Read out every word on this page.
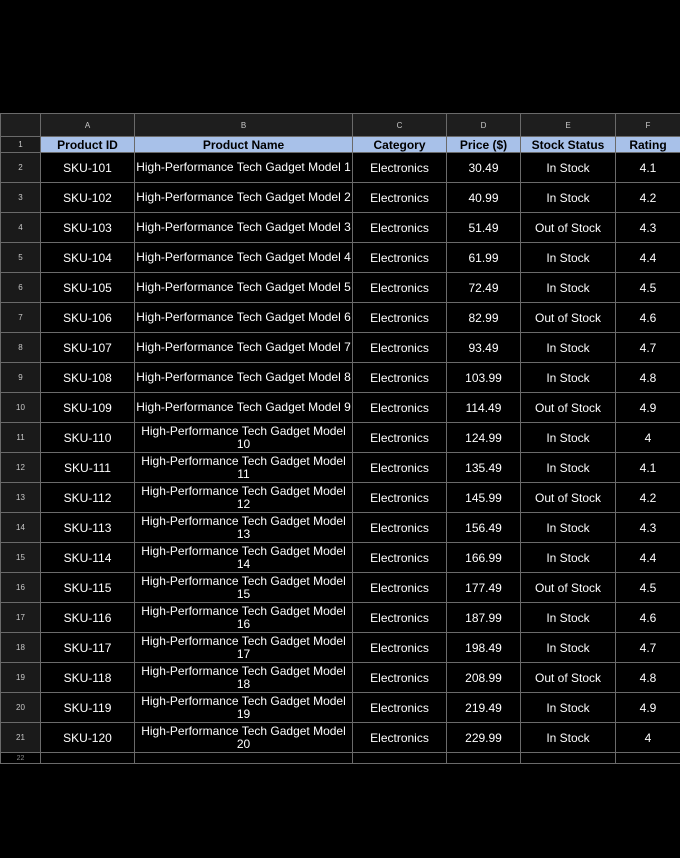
	A	B	C	D	E	F
1	Product ID	Product Name	Category	Price ($)	Stock Status	Rating
2	SKU-101	High-Performance Tech Gadget Model 1	Electronics	30.49	In Stock	4.1
3	SKU-102	High-Performance Tech Gadget Model 2	Electronics	40.99	In Stock	4.2
4	SKU-103	High-Performance Tech Gadget Model 3	Electronics	51.49	Out of Stock	4.3
5	SKU-104	High-Performance Tech Gadget Model 4	Electronics	61.99	In Stock	4.4
6	SKU-105	High-Performance Tech Gadget Model 5	Electronics	72.49	In Stock	4.5
7	SKU-106	High-Performance Tech Gadget Model 6	Electronics	82.99	Out of Stock	4.6
8	SKU-107	High-Performance Tech Gadget Model 7	Electronics	93.49	In Stock	4.7
9	SKU-108	High-Performance Tech Gadget Model 8	Electronics	103.99	In Stock	4.8
10	SKU-109	High-Performance Tech Gadget Model 9	Electronics	114.49	Out of Stock	4.9
11	SKU-110	High-Performance Tech Gadget Model 10	Electronics	124.99	In Stock	4
12	SKU-111	High-Performance Tech Gadget Model 11	Electronics	135.49	In Stock	4.1
13	SKU-112	High-Performance Tech Gadget Model 12	Electronics	145.99	Out of Stock	4.2
14	SKU-113	High-Performance Tech Gadget Model 13	Electronics	156.49	In Stock	4.3
15	SKU-114	High-Performance Tech Gadget Model 14	Electronics	166.99	In Stock	4.4
16	SKU-115	High-Performance Tech Gadget Model 15	Electronics	177.49	Out of Stock	4.5
17	SKU-116	High-Performance Tech Gadget Model 16	Electronics	187.99	In Stock	4.6
18	SKU-117	High-Performance Tech Gadget Model 17	Electronics	198.49	In Stock	4.7
19	SKU-118	High-Performance Tech Gadget Model 18	Electronics	208.99	Out of Stock	4.8
20	SKU-119	High-Performance Tech Gadget Model 19	Electronics	219.49	In Stock	4.9
21	SKU-120	High-Performance Tech Gadget Model 20	Electronics	229.99	In Stock	4
22						
